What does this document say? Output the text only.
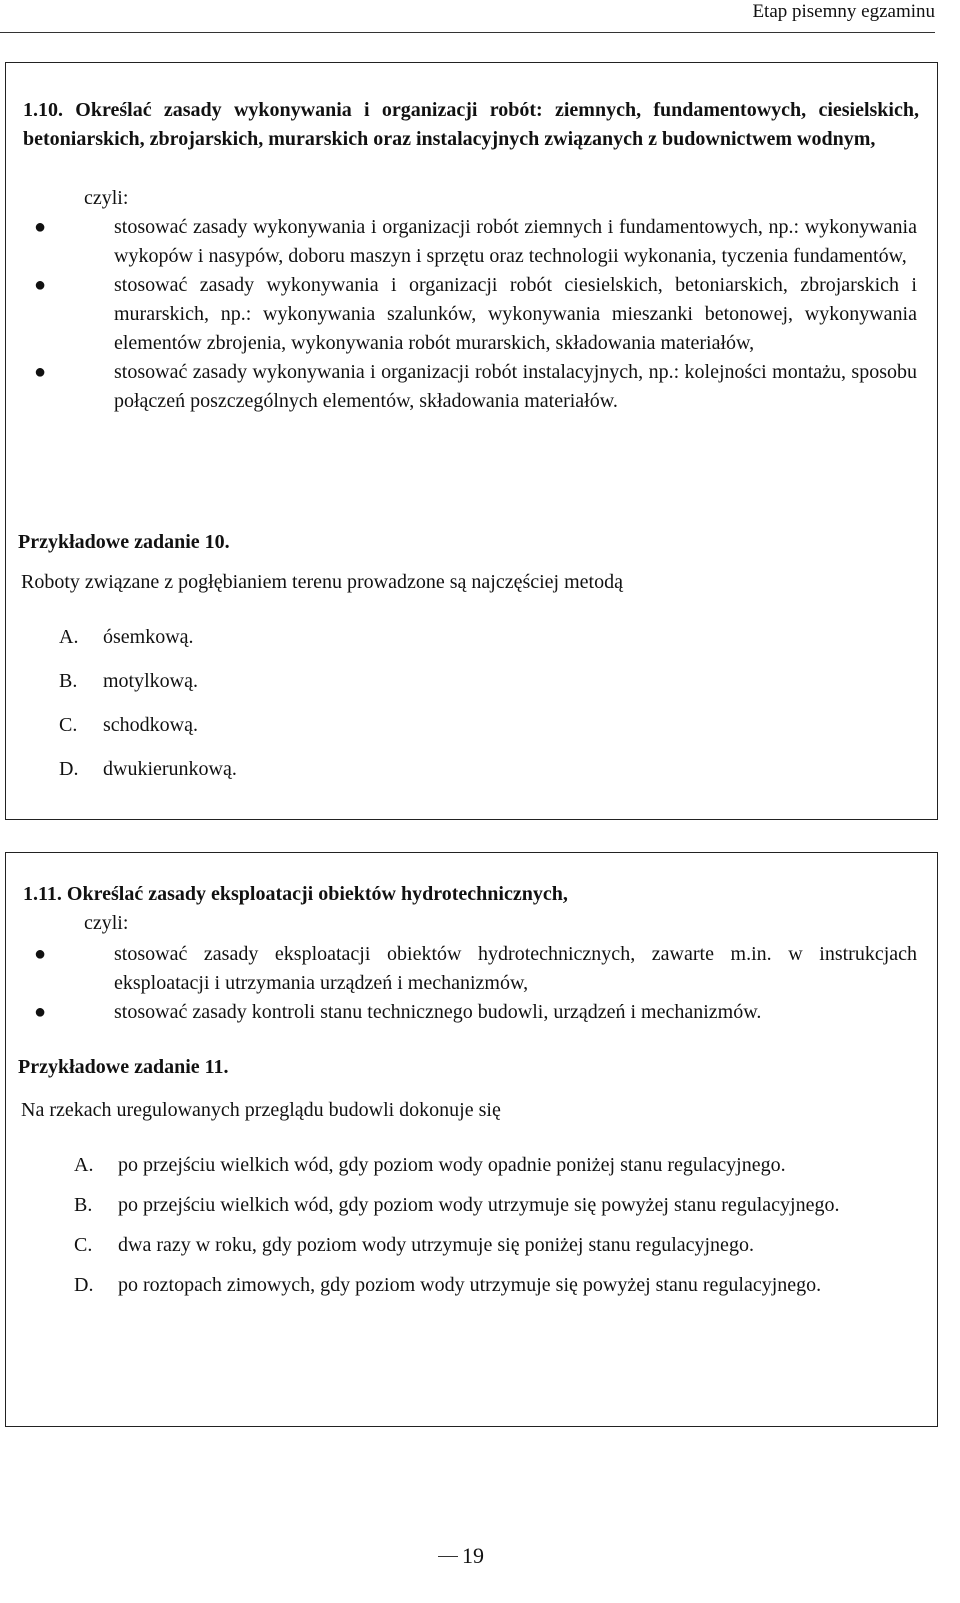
Etap pisemny egzaminu
1.10. Określać zasady wykonywania i organizacji robót: ziemnych, fundamentowych, ciesielskich, betoniarskich, zbrojarskich, murarskich oraz instalacyjnych związanych z budownictwem wodnym,
czyli:
●	stosować zasady wykonywania i organizacji robót ziemnych i fundamentowych, np.: wykonywania wykopów i nasypów, doboru maszyn i sprzętu oraz technologii wykonania, tyczenia fundamentów,
●	stosować zasady wykonywania i organizacji robót ciesielskich, betoniarskich, zbrojarskich i murarskich, np.: wykonywania szalunków, wykonywania mieszanki betonowej, wykonywania elementów zbrojenia, wykonywania robót murarskich, składowania materiałów,
●	stosować zasady wykonywania i organizacji robót instalacyjnych, np.: kolejności montażu, sposobu połączeń poszczególnych elementów, składowania materiałów.
Przykładowe zadanie 10.
Roboty związane z pogłębianiem terenu prowadzone są najczęściej metodą
A. ósemkową.
B. motylkową.
C. schodkową.
D. dwukierunkową.
1.11. Określać zasady eksploatacji obiektów hydrotechnicznych,
czyli:
●	stosować zasady eksploatacji obiektów hydrotechnicznych, zawarte m.in. w instrukcjach eksploatacji i utrzymania urządzeń i mechanizmów,
●	stosować zasady kontroli stanu technicznego budowli, urządzeń i mechanizmów.
Przykładowe zadanie 11.
Na rzekach uregulowanych przeglądu budowli dokonuje się
A. po przejściu wielkich wód, gdy poziom wody opadnie poniżej stanu regulacyjnego.
B. po przejściu wielkich wód, gdy poziom wody utrzymuje się powyżej stanu regulacyjnego.
C. dwa razy w roku, gdy poziom wody utrzymuje się poniżej stanu regulacyjnego.
D. po roztopach zimowych, gdy poziom wody utrzymuje się powyżej stanu regulacyjnego.
19
